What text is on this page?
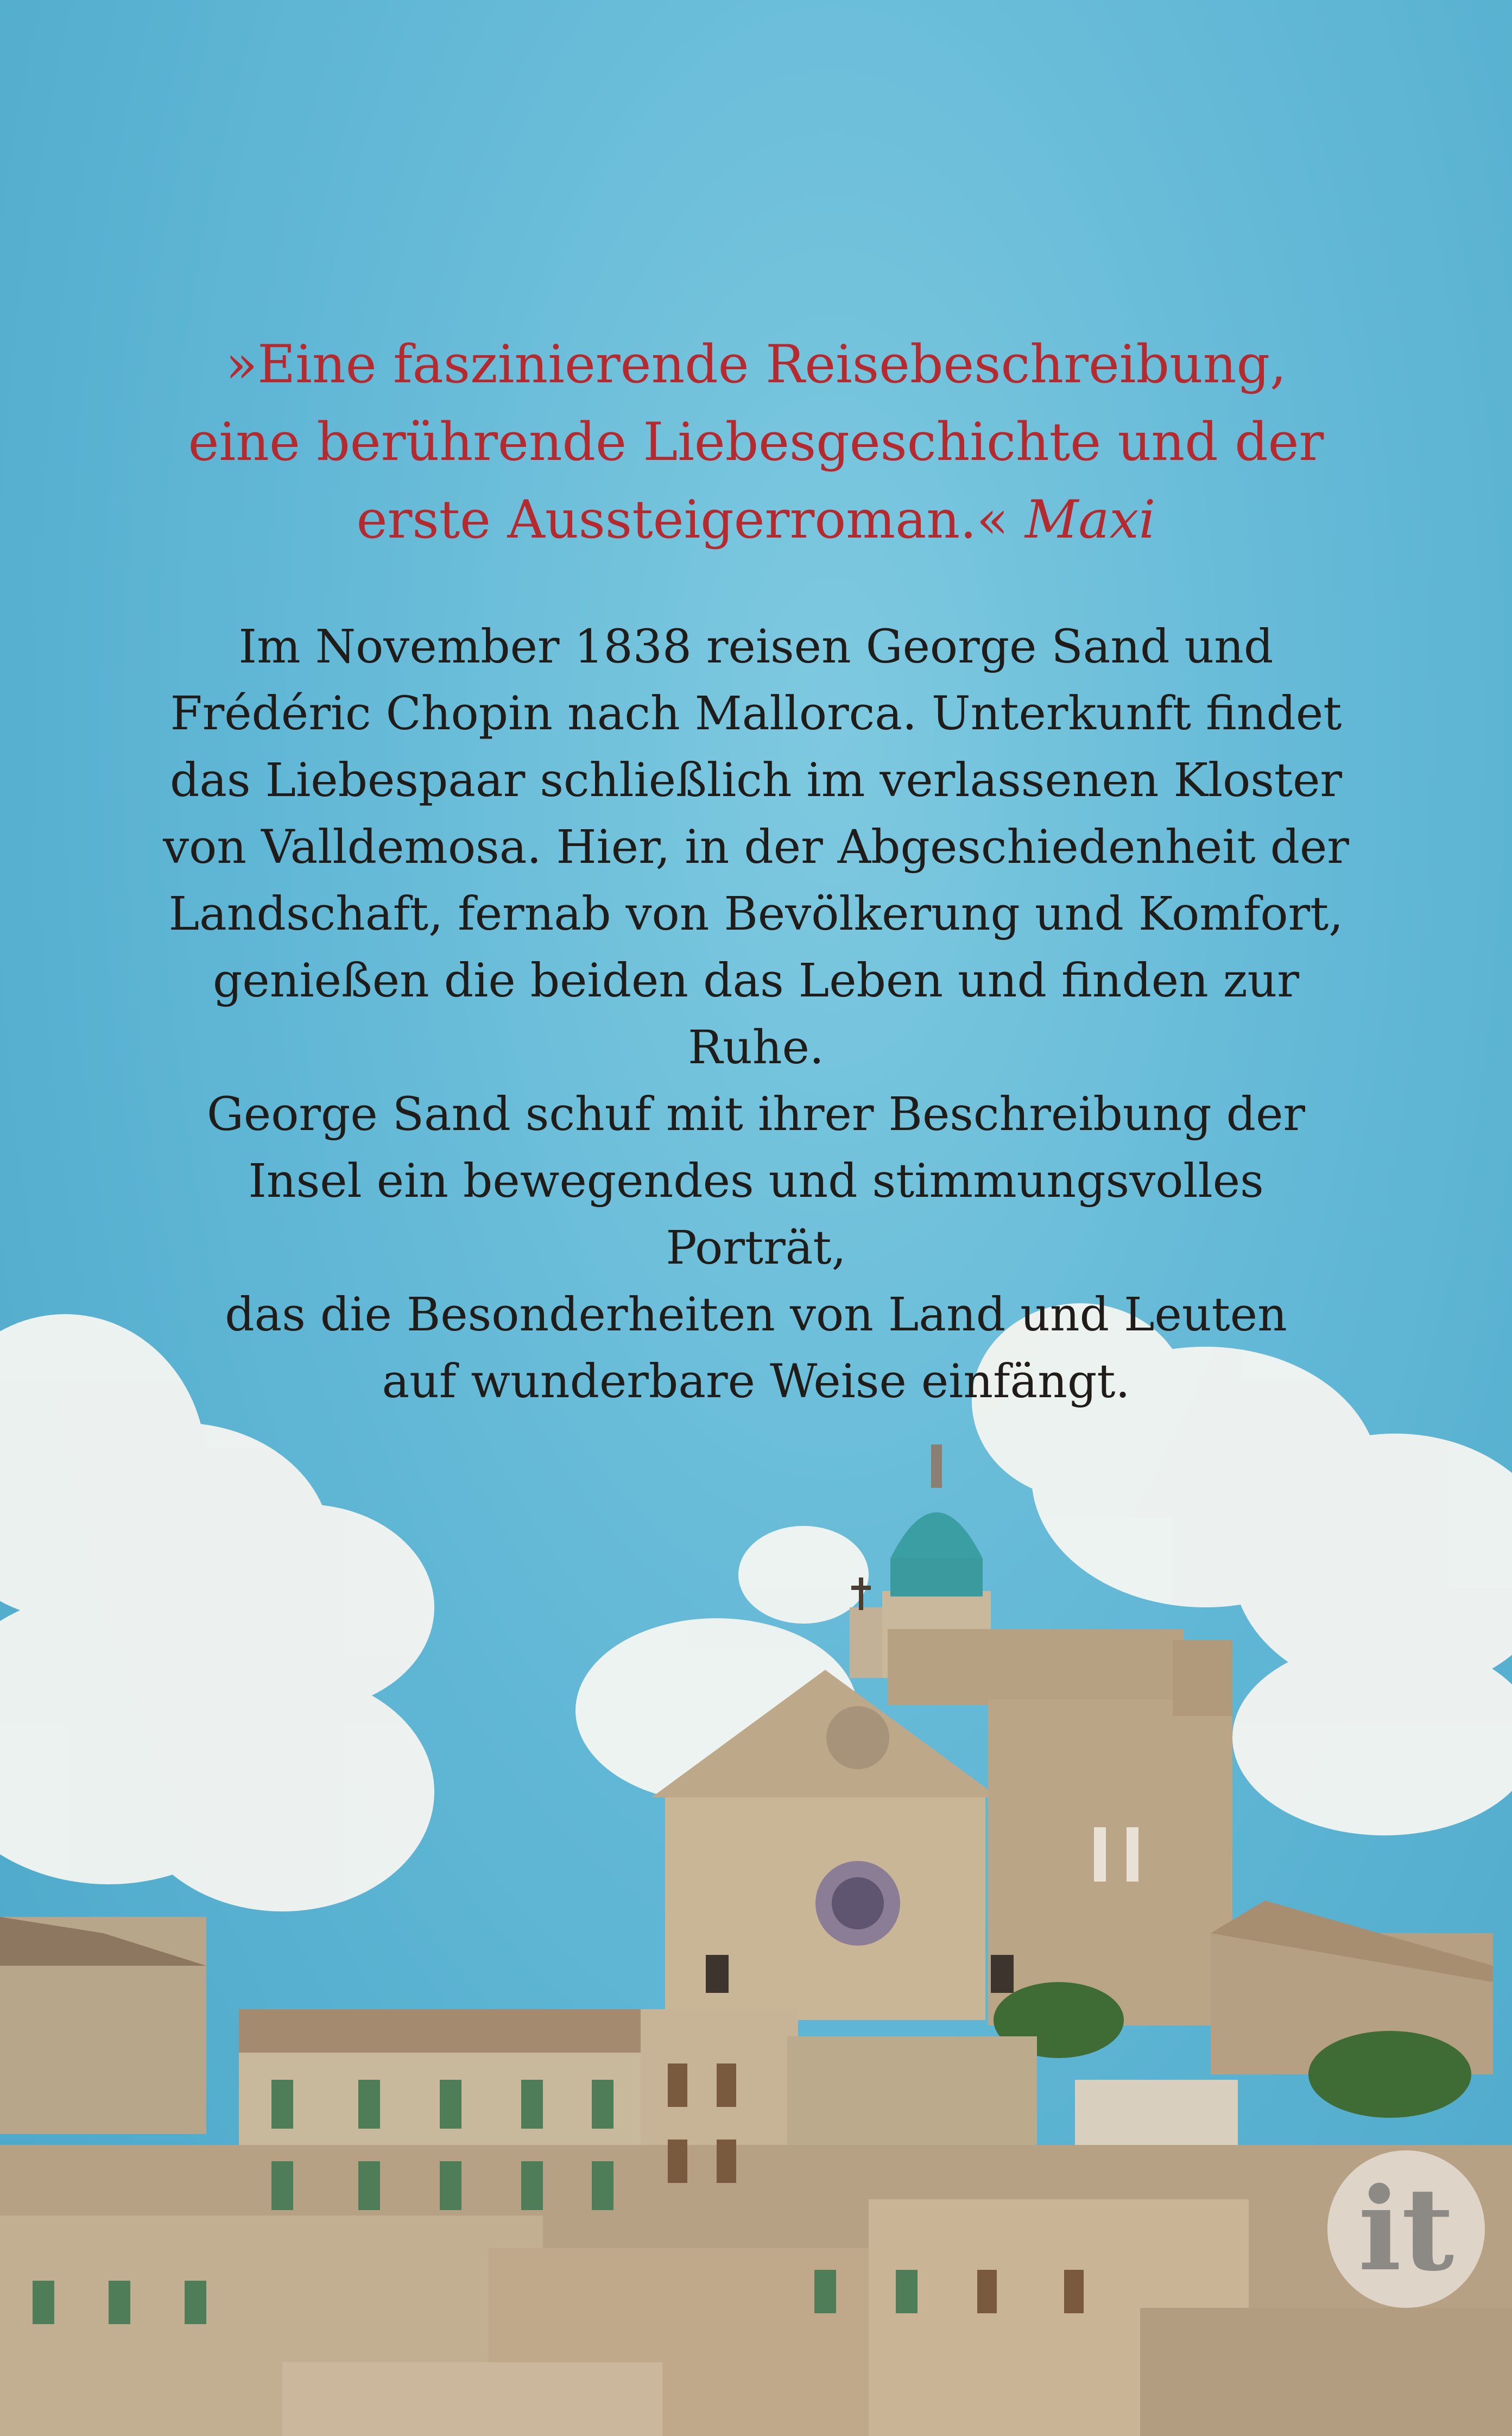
»Eine faszinierende Reisebeschreibung,
eine berührende Liebesgeschichte und der
erste Aussteigerroman.« Maxi
Im November 1838 reisen George Sand und
Frédéric Chopin nach Mallorca. Unterkunft findet
das Liebespaar schließlich im verlassenen Kloster
von Valldemosa. Hier, in der Abgeschiedenheit der
Landschaft, fernab von Bevölkerung und Komfort,
genießen die beiden das Leben und finden zur Ruhe.
George Sand schuf mit ihrer Beschreibung der
Insel ein bewegendes und stimmungsvolles Porträt,
das die Besonderheiten von Land und Leuten
auf wunderbare Weise einfängt.
it
